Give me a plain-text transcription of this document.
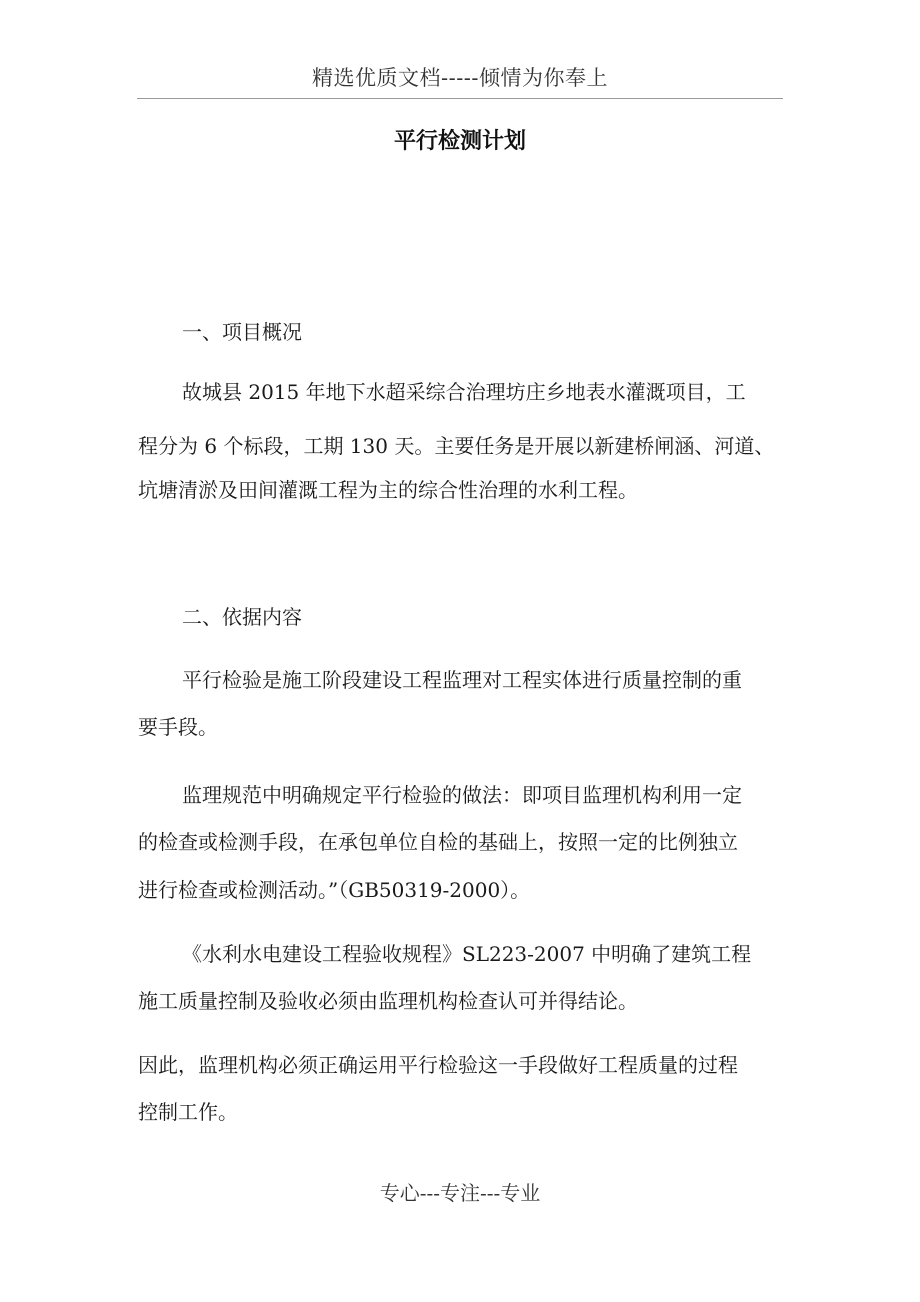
精选优质文档-----倾情为你奉上
平行检测计划
一、项目概况
故城县 2015 年地下水超采综合治理坊庄乡地表水灌溉项目，工
程分为 6 个标段，工期 130 天。主要任务是开展以新建桥闸涵、河道、
坑塘清淤及田间灌溉工程为主的综合性治理的水利工程。
二、依据内容
平行检验是施工阶段建设工程监理对工程实体进行质量控制的重
要手段。
监理规范中明确规定平行检验的做法：即项目监理机构利用一定
的检查或检测手段，在承包单位自检的基础上，按照一定的比例独立
进行检查或检测活动。”（GB50319-2000）。
《水利水电建设工程验收规程》SL223-2007 中明确了建筑工程
施工质量控制及验收必须由监理机构检查认可并得结论。
因此，监理机构必须正确运用平行检验这一手段做好工程质量的过程
控制工作。
专心---专注---专业
